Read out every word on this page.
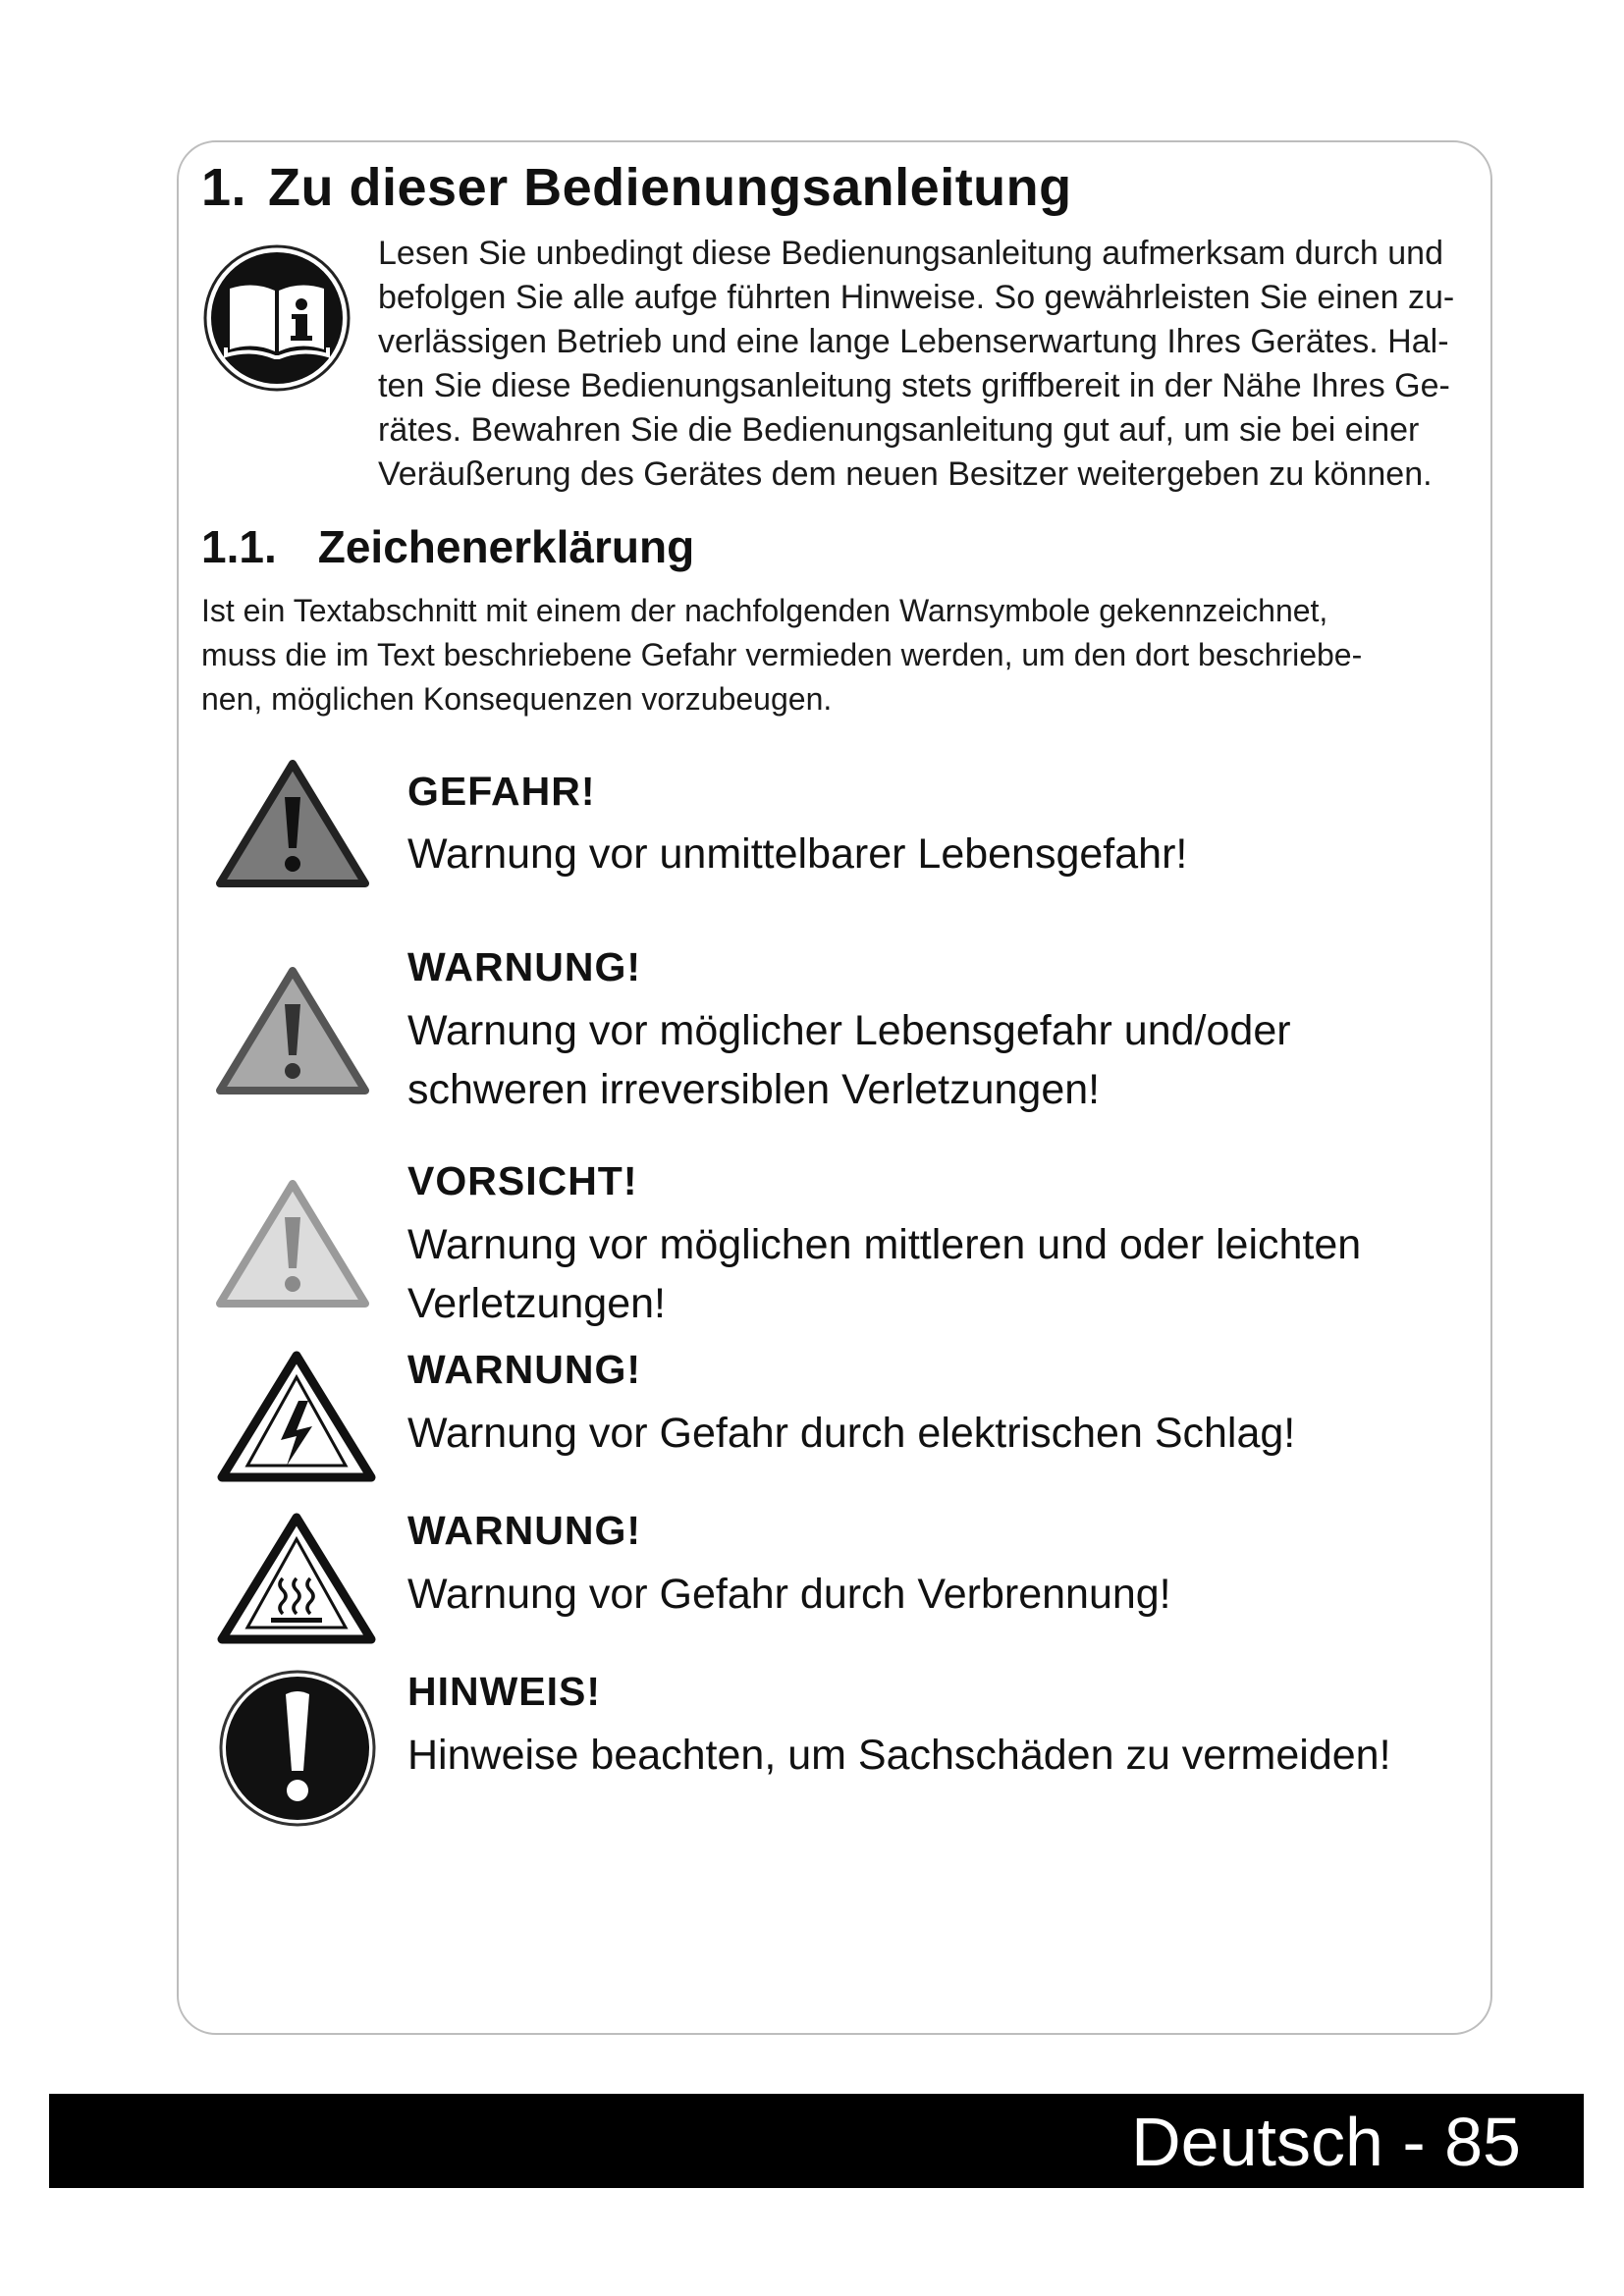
1. Zu dieser Bedienungsanleitung

Lesen Sie unbedingt diese Bedienungsanleitung aufmerksam durch und
befolgen Sie alle aufge führten Hinweise. So gewährleisten Sie einen zu-
verlässigen Betrieb und eine lange Lebenserwartung Ihres Gerätes. Hal-
ten Sie diese Bedienungsanleitung stets griffbereit in der Nähe Ihres Ge-
rätes. Bewahren Sie die Bedienungsanleitung gut auf, um sie bei einer
Veräußerung des Gerätes dem neuen Besitzer weitergeben zu können.

1.1. Zeichenerklärung

Ist ein Textabschnitt mit einem der nachfolgenden Warnsymbole gekennzeichnet,
muss die im Text beschriebene Gefahr vermieden werden, um den dort beschriebe-
nen, möglichen Konsequenzen vorzubeugen.

GEFAHR!

Warnung vor unmittelbarer Lebensgefahr!

WARNUNG!

Warnung vor möglicher Lebensgefahr und/oder
schweren irreversiblen Verletzungen!

VORSICHT!

Warnung vor möglichen mittleren und oder leichten
Verletzungen!

WARNUNG!

Warnung vor Gefahr durch elektrischen Schlag!

WARNUNG!

Warnung vor Gefahr durch Verbrennung!

HINWEIS!

Hinweise beachten, um Sachschäden zu vermeiden!

Deutsch - 85
